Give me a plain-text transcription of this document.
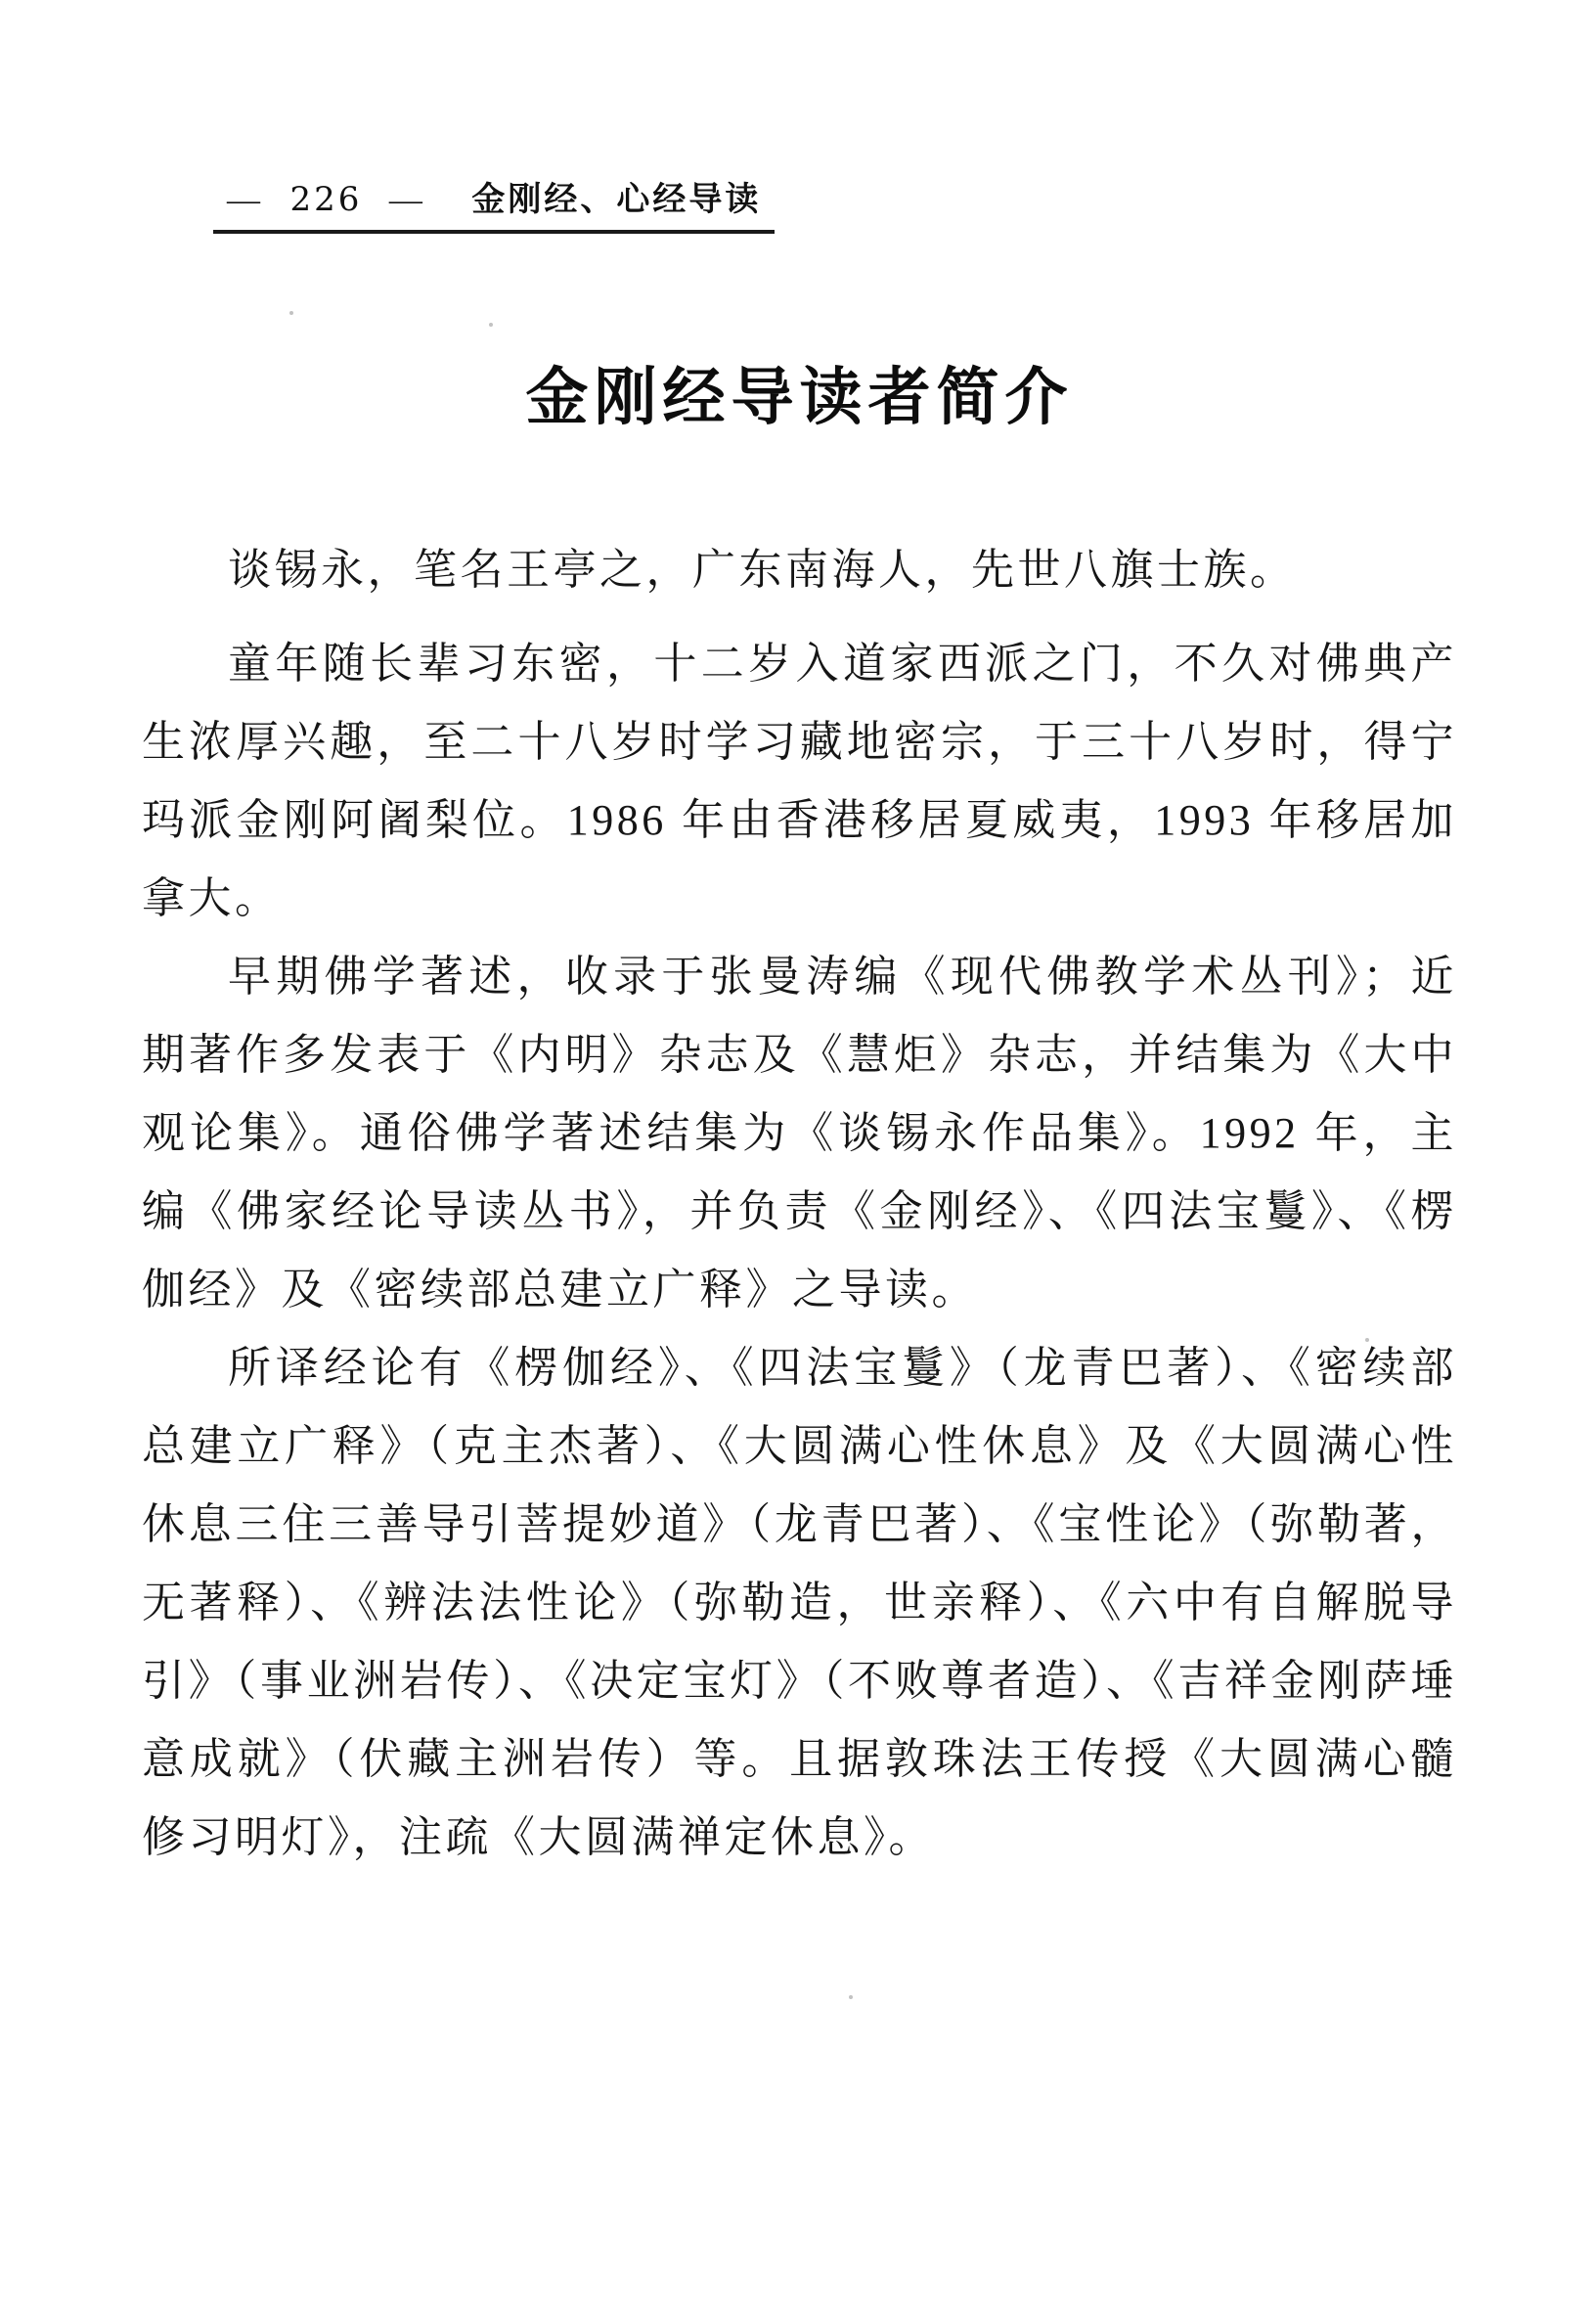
— 226 — 金刚经、心经导读
金刚经导读者简介

谈锡永，笔名王亭之，广东南海人，先世八旗士族。

童年随长辈习东密，十二岁入道家西派之门，不久对佛典产生浓厚兴趣，至二十八岁时学习藏地密宗，于三十八岁时，得宁玛派金刚阿阇梨位。1986 年由香港移居夏威夷，1993 年移居加拿大。

早期佛学著述，收录于张曼涛编《现代佛教学术丛刊》；近期著作多发表于《内明》杂志及《慧炬》杂志，并结集为《大中观论集》。通俗佛学著述结集为《谈锡永作品集》。1992 年，主编《佛家经论导读丛书》，并负责《金刚经》、《四法宝鬘》、《楞伽经》及《密续部总建立广释》之导读。

所译经论有《楞伽经》、《四法宝鬘》（龙青巴著）、《密续部总建立广释》（克主杰著）、《大圆满心性休息》及《大圆满心性休息三住三善导引菩提妙道》（龙青巴著）、《宝性论》（弥勒著，无著释）、《辨法法性论》（弥勒造，世亲释）、《六中有自解脱导引》（事业洲岩传）、《决定宝灯》（不败尊者造）、《吉祥金刚萨埵意成就》（伏藏主洲岩传）等。且据敦珠法王传授《大圆满心髓修习明灯》，注疏《大圆满禅定休息》。
